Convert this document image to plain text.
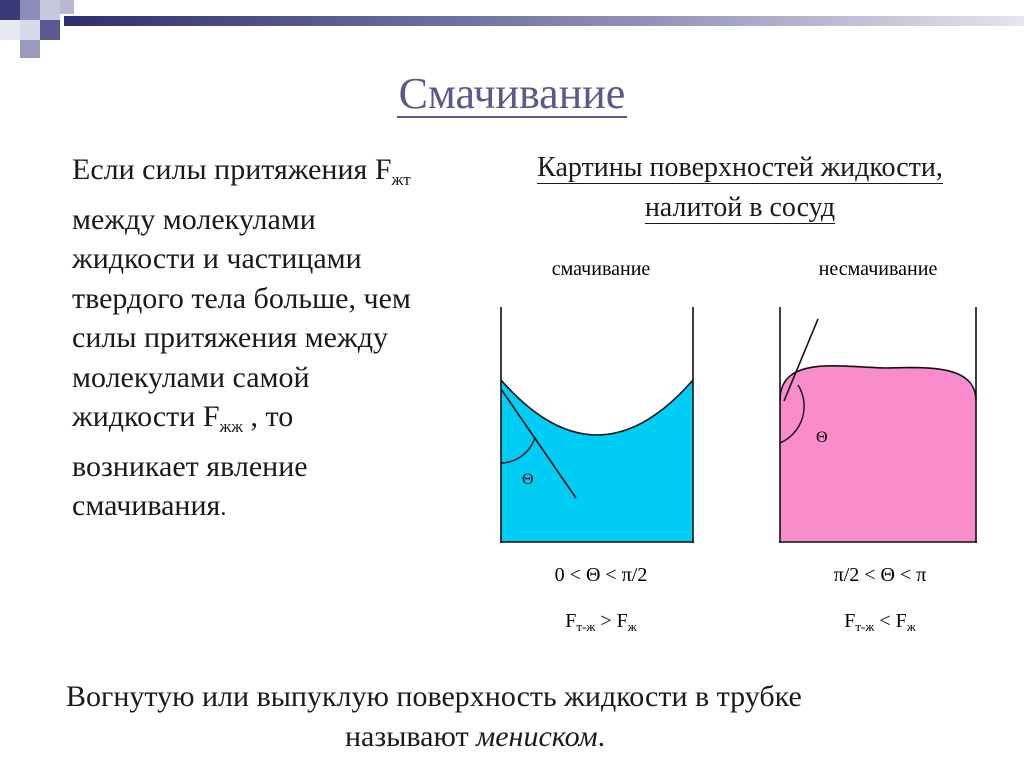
Смачивание
Если силы притяжения $F_{жт}$
между молекулами
жидкости и частицами
твердого тела больше, чем
силы притяжения между
молекулами самой
жидкости $F_{жж}$ , то
возникает явление
смачивания.
Картины поверхностей жидкости,
налитой в сосуд
Θ
смачивание
0 < Θ < π/2
$F_{т-ж} > F_ж$
Θ
несмачивание
π/2 < Θ < π
$F_{т-ж} < F_ж$
Вогнутую или выпуклую поверхность жидкости в трубке
называют мениском.
